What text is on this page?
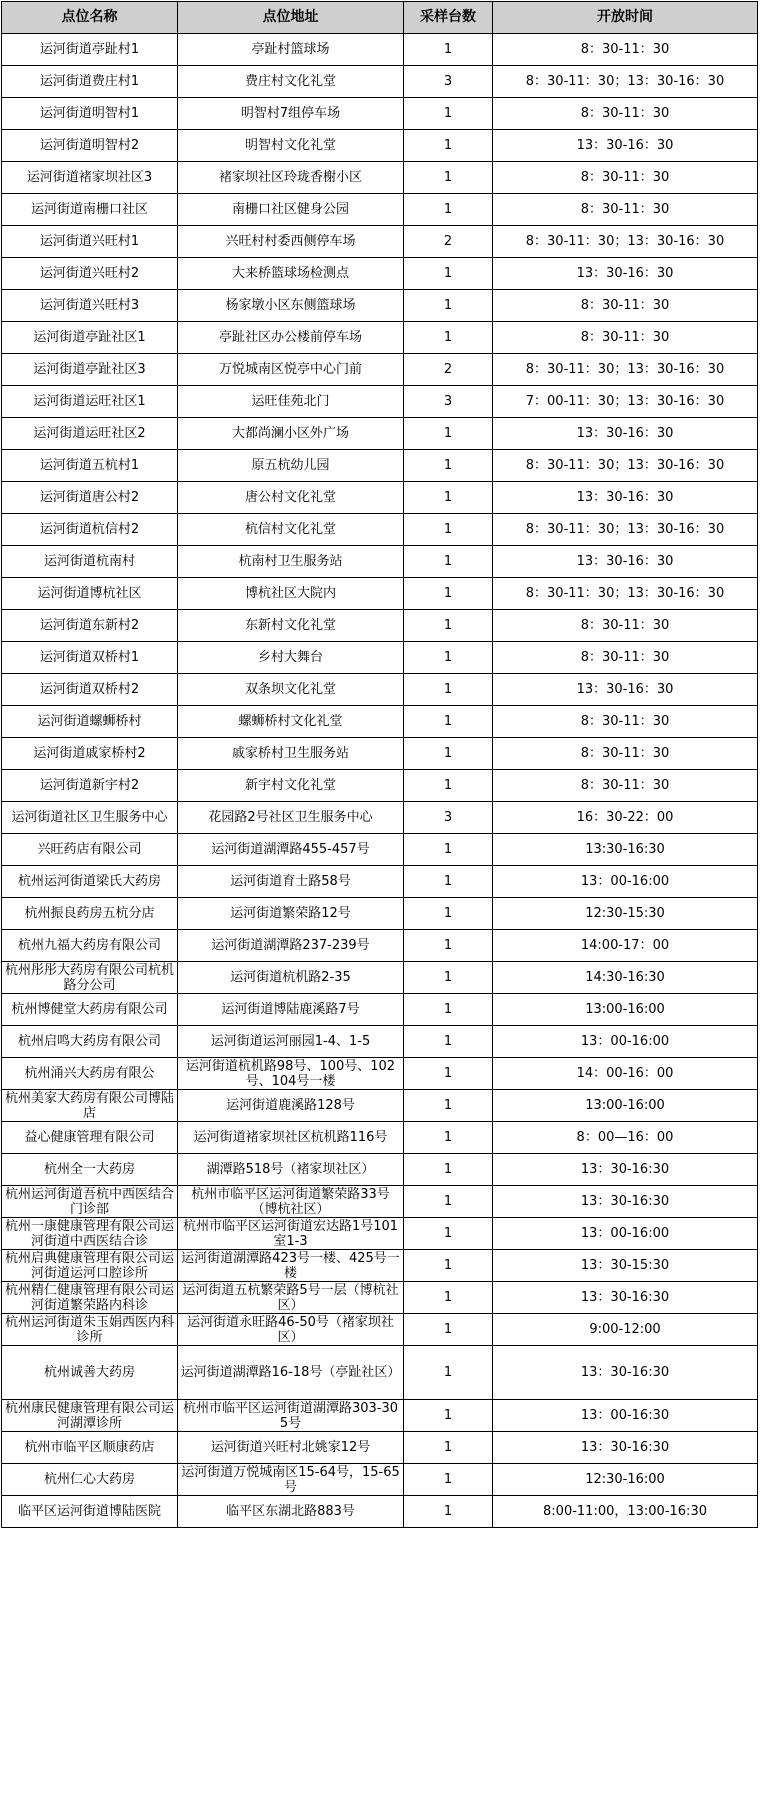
点位名称	点位地址	采样台数	开放时间
运河街道亭趾村1	亭趾村篮球场	1	8：30-11：30
运河街道费庄村1	费庄村文化礼堂	3	8：30-11：30；13：30-16：30
运河街道明智村1	明智村7组停车场	1	8：30-11：30
运河街道明智村2	明智村文化礼堂	1	13：30-16：30
运河街道褚家坝社区3	褚家坝社区玲珑香榭小区	1	8：30-11：30
运河街道南栅口社区	南栅口社区健身公园	1	8：30-11：30
运河街道兴旺村1	兴旺村村委西侧停车场	2	8：30-11：30；13：30-16：30
运河街道兴旺村2	大来桥篮球场检测点	1	13：30-16：30
运河街道兴旺村3	杨家墩小区东侧篮球场	1	8：30-11：30
运河街道亭趾社区1	亭趾社区办公楼前停车场	1	8：30-11：30
运河街道亭趾社区3	万悦城南区悦亭中心门前	2	8：30-11：30；13：30-16：30
运河街道运旺社区1	运旺佳苑北门	3	7：00-11：30；13：30-16：30
运河街道运旺社区2	大都尚澜小区外广场	1	13：30-16：30
运河街道五杭村1	原五杭幼儿园	1	8：30-11：30；13：30-16：30
运河街道唐公村2	唐公村文化礼堂	1	13：30-16：30
运河街道杭信村2	杭信村文化礼堂	1	8：30-11：30；13：30-16：30
运河街道杭南村	杭南村卫生服务站	1	13：30-16：30
运河街道博杭社区	博杭社区大院内	1	8：30-11：30；13：30-16：30
运河街道东新村2	东新村文化礼堂	1	8：30-11：30
运河街道双桥村1	乡村大舞台	1	8：30-11：30
运河街道双桥村2	双条坝文化礼堂	1	13：30-16：30
运河街道螺蛳桥村	螺蛳桥村文化礼堂	1	8：30-11：30
运河街道戚家桥村2	戚家桥村卫生服务站	1	8：30-11：30
运河街道新宇村2	新宇村文化礼堂	1	8：30-11：30
运河街道社区卫生服务中心	花园路2号社区卫生服务中心	3	16：30-22：00
兴旺药店有限公司	运河街道湖潭路455-457号	1	13:30-16:30
杭州运河街道梁氏大药房	运河街道育士路58号	1	13：00-16:00
杭州振良药房五杭分店	运河街道繁荣路12号	1	12:30-15:30
杭州九福大药房有限公司	运河街道湖潭路237-239号	1	14:00-17：00
杭州彤彤大药房有限公司杭机路分公司	运河街道杭机路2-35	1	14:30-16:30
杭州博健堂大药房有限公司	运河街道博陆鹿溪路7号	1	13:00-16:00
杭州启鸣大药房有限公司	运河街道运河丽园1-4、1-5	1	13：00-16:00
杭州涌兴大药房有限公	运河街道杭机路98号、100号、102号、104号一楼	1	14：00-16：00
杭州美家大药房有限公司博陆店	运河街道鹿溪路128号	1	13:00-16:00
益心健康管理有限公司	运河街道褚家坝社区杭机路116号	1	8：00—16：00
杭州全一大药房	湖潭路518号（褚家坝社区）	1	13：30-16:30
杭州运河街道吾杭中西医结合门诊部	杭州市临平区运河街道繁荣路33号（博杭社区）	1	13：30-16:30
杭州一康健康管理有限公司运河街道中西医结合诊	杭州市临平区运河街道宏达路1号101室1-3	1	13：00-16:00
杭州启典健康管理有限公司运河街道运河口腔诊所	运河街道湖潭路423号一楼、425号一楼	1	13：30-15:30
杭州精仁健康管理有限公司运河街道繁荣路内科诊	运河街道五杭繁荣路5号一层（博杭社区）	1	13：30-16:30
杭州运河街道朱玉娟西医内科诊所	运河街道永旺路46-50号（褚家坝社区）	1	9:00-12:00
杭州诚善大药房	运河街道湖潭路16-18号（亭趾社区）	1	13：30-16:30
杭州康民健康管理有限公司运河湖潭诊所	杭州市临平区运河街道湖潭路303-305号	1	13：00-16:30
杭州市临平区顺康药店	运河街道兴旺村北姚家12号	1	13：30-16:30
杭州仁心大药房	运河街道万悦城南区15-64号，15-65号	1	12:30-16:00
临平区运河街道博陆医院	临平区东湖北路883号	1	8:00-11:00，13:00-16:30
